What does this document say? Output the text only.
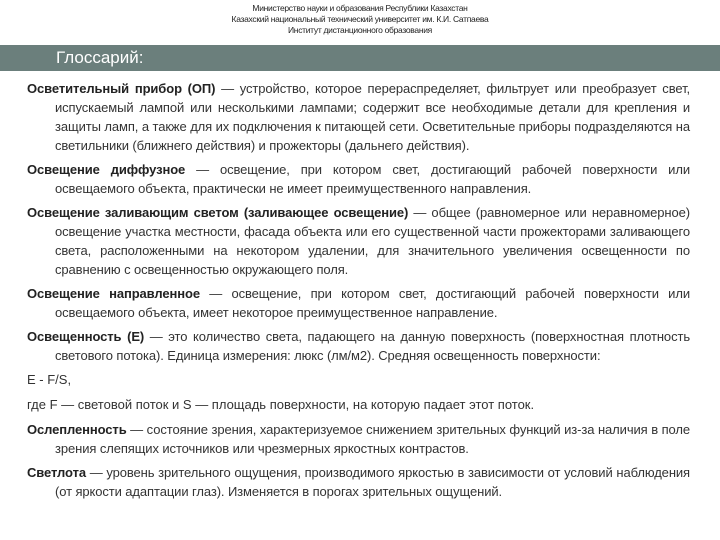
Министерство науки и образования Республики Казахстан
Казахский национальный технический университет им. К.И. Сатпаева
Институт дистанционного образования
Глоссарий:

Осветительный прибор (ОП) — устройство, которое перераспределяет, фильтрует или преобразует свет, испускаемый лампой или несколькими лампами; содержит все необходимые детали для крепления и защиты ламп, а также для их подключения к питающей сети. Осветительные приборы подразделяются на светильники (ближнего действия) и прожекторы (дальнего действия).

Освещение диффузное — освещение, при котором свет, достигающий рабочей поверхности или освещаемого объекта, практически не имеет преимущественного направления.

Освещение заливающим светом (заливающее освещение) — общее (равномерное или неравномерное) освещение участка местности, фасада объекта или его существенной части прожекторами заливающего света, расположенными на некотором удалении, для значительного увеличения освещенности по сравнению с освещенностью окружающего поля.

Освещение направленное — освещение, при котором свет, достигающий рабочей поверхности или освещаемого объекта, имеет некоторое преимущественное направление.

Освещенность (Е) — это количество света, падающего на данную поверхность (поверхностная плотность светового потока). Единица измерения: люкс (лм/м2). Средняя освещенность поверхности:

E - F/S,

где F — световой поток и S — площадь поверхности, на которую падает этот поток.

Ослепленность — состояние зрения, характеризуемое снижением зрительных функций из-за наличия в поле зрения слепящих источников или чрезмерных яркостных контрастов.

Светлота — уровень зрительного ощущения, производимого яркостью в зависимости от условий наблюдения (от яркости адаптации глаз). Изменяется в порогах зрительных ощущений.
